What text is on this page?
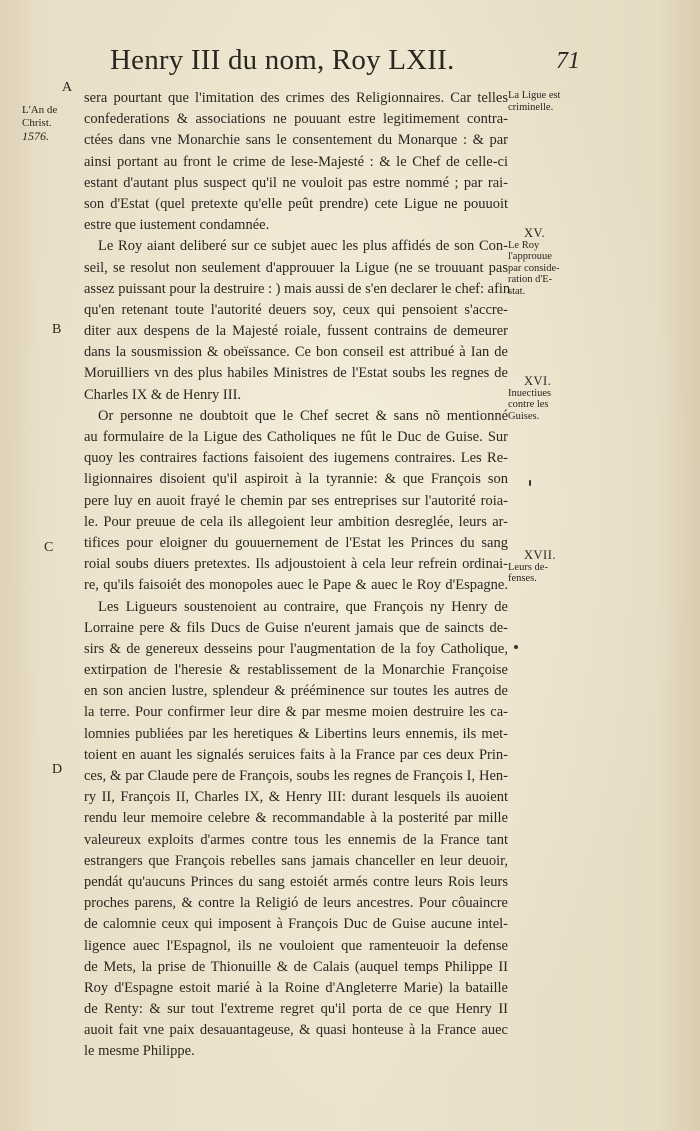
Henry III du nom, Roy LXII.	71
L'An de
Christ.
1576.
A
B
C
D
sera pourtant que l'imitation des crimes des Religionnaires. Car telles
confederations & associations ne pouuant estre legitimement contra-
ctées dans vne Monarchie sans le consentement du Monarque : & par
ainsi portant au front le crime de lese-Majesté : & le Chef de celle-ci
estant d'autant plus suspect qu'il ne vouloit pas estre nommé ; par rai-
son d'Estat (quel pretexte qu'elle peût prendre) cete Ligue ne pouuoit
estre que iustement condamnée.
Le Roy aiant deliberé sur ce subjet auec les plus affidés de son Con-
seil, se resolut non seulement d'approuuer la Ligue (ne se trouuant pas
assez puissant pour la destruire : ) mais aussi de s'en declarer le chef: afin
qu'en retenant toute l'autorité deuers soy, ceux qui pensoient s'accre-
diter aux despens de la Majesté roiale, fussent contrains de demeurer
dans la sousmission & obeïssance. Ce bon conseil est attribué à Ian de
Moruilliers vn des plus habiles Ministres de l'Estat soubs les regnes de
Charles IX & de Henry III.
Or personne ne doubtoit que le Chef secret & sans nõ mentionné
au formulaire de la Ligue des Catholiques ne fût le Duc de Guise. Sur
quoy les contraires factions faisoient des iugemens contraires. Les Re-
ligionnaires disoient qu'il aspiroit à la tyrannie: & que François son
pere luy en auoit frayé le chemin par ses entreprises sur l'autorité roia-
le. Pour preuue de cela ils allegoient leur ambition desreglée, leurs ar-
tifices pour eloigner du gouuernement de l'Estat les Princes du sang
roial soubs diuers pretextes. Ils adjoustoient à cela leur refrein ordinai-
re, qu'ils faisoiét des monopoles auec le Pape & auec le Roy d'Espagne.
Les Ligueurs soustenoient au contraire, que François ny Henry de
Lorraine pere & fils Ducs de Guise n'eurent jamais que de saincts de-
sirs & de genereux desseins pour l'augmentation de la foy Catholique,
extirpation de l'heresie & restablissement de la Monarchie Françoise
en son ancien lustre, splendeur & prééminence sur toutes les autres de
la terre. Pour confirmer leur dire & par mesme moien destruire les ca-
lomnies publiées par les heretiques & Libertins leurs ennemis, ils met-
toient en auant les signalés seruices faits à la France par ces deux Prin-
ces, & par Claude pere de François, soubs les regnes de François I, Hen-
ry II, François II, Charles IX, & Henry III: durant lesquels ils auoient
rendu leur memoire celebre & recommandable à la posterité par mille
valeureux exploits d'armes contre tous les ennemis de la France tant
estrangers que François rebelles sans jamais chanceller en leur deuoir,
pendát qu'aucuns Princes du sang estoiét armés contre leurs Rois leurs
proches parens, & contre la Religió de leurs ancestres. Pour côuaincre
de calomnie ceux qui imposent à François Duc de Guise aucune intel-
ligence auec l'Espagnol, ils ne vouloient que ramenteuoir la defense
de Mets, la prise de Thionuille & de Calais (auquel temps Philippe II
Roy d'Espagne estoit marié à la Roine d'Angleterre Marie) la bataille
de Renty: & sur tout l'extreme regret qu'il porta de ce que Henry II
auoit fait vne paix desauantageuse, & quasi honteuse à la France auec
le mesme Philippe.
La Ligue est
criminelle.
XV.
Le Roy
l'approuue
par conside-
ration d'E-
stat.
XVI.
Inuectiues
contre les
Guises.
XVII.
Leurs de-
fenses.
